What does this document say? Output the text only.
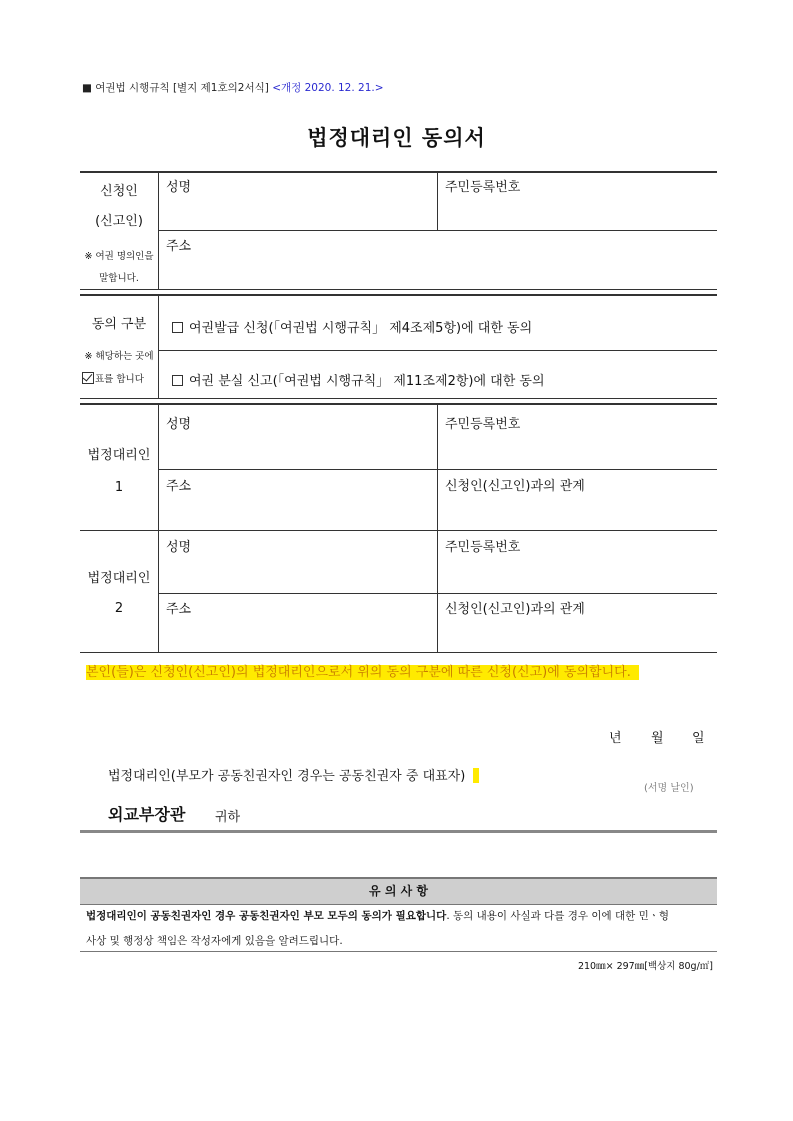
■ 여권법 시행규칙 [별지 제1호의2서식] <개정 2020. 12. 21.>
법정대리인 동의서
신청인
(신고인)
※ 여권 명의인을
말합니다.
성명	주민등록번호
주소
동의 구분
※ 해당하는 곳에
표를 합니다
여권발급 신청(「여권법 시행규칙」 제4조제5항)에 대한 동의
여권 분실 신고(「여권법 시행규칙」 제11조제2항)에 대한 동의
법정대리인
1
성명	주민등록번호
주소	신청인(신고인)과의 관계
법정대리인
2
성명	주민등록번호
주소	신청인(신고인)과의 관계
본인(들)은 신청인(신고인)의 법정대리인으로서 위의 동의 구분에 따른 신청(신고)에 동의합니다.
년 월 일
법정대리인(부모가 공동친권자인 경우는 공동친권자 중 대표자)
(서명 날인)
외교부장관 귀하
유 의 사 항
법정대리인이 공동친권자인 경우 공동친권자인 부모 모두의 동의가 필요합니다. 동의 내용이 사실과 다를 경우 이에 대한 민ㆍ형
사상 및 행정상 책임은 작성자에게 있음을 알려드립니다.
210㎜× 297㎜[백상지 80g/㎡]
